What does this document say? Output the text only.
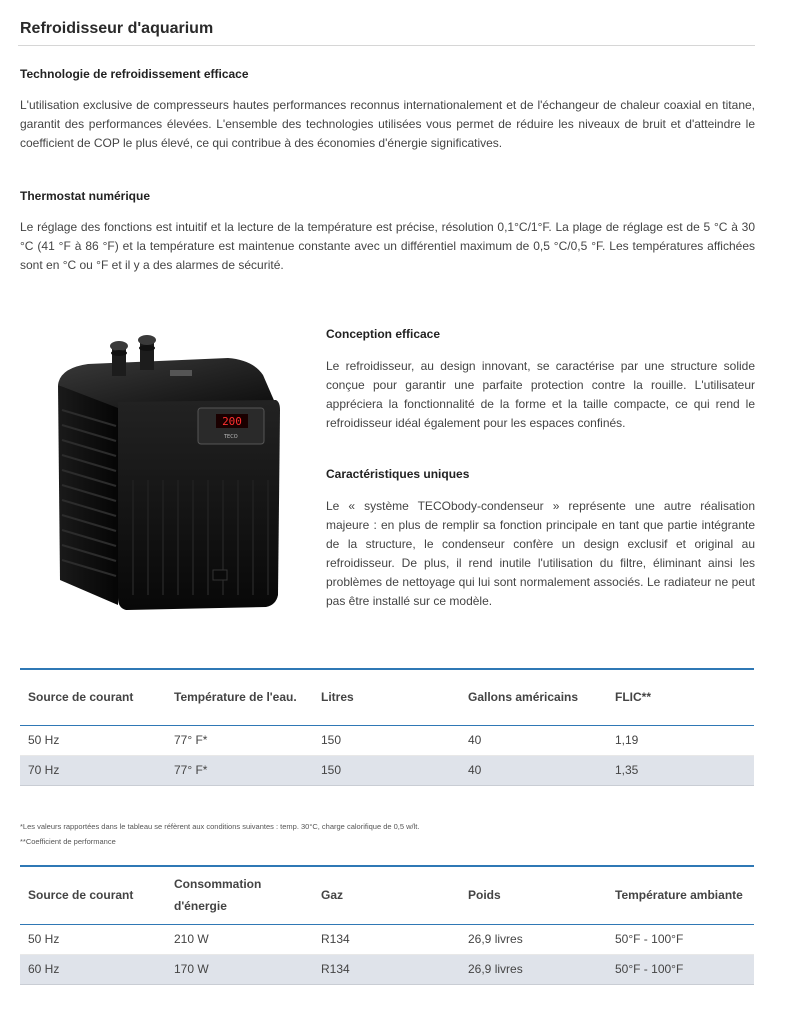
Refroidisseur d'aquarium
Technologie de refroidissement efficace

L'utilisation exclusive de compresseurs hautes performances reconnus internationalement et de l'échangeur de chaleur coaxial en titane, garantit des performances élevées. L'ensemble des technologies utilisées vous permet de réduire les niveaux de bruit et d'atteindre le coefficient de COP le plus élevé, ce qui contribue à des économies d'énergie significatives.

Thermostat numérique

Le réglage des fonctions est intuitif et la lecture de la température est précise, résolution 0,1°C/1°F. La plage de réglage est de 5 °C à 30 °C (41 °F à 86 °F) et la température est maintenue constante avec un différentiel maximum de 0,5 °C/0,5 °F. Les températures affichées sont en °C ou °F et il y a des alarmes de sécurité.

200
TECO
Conception efficace

Le refroidisseur, au design innovant, se caractérise par une structure solide conçue pour garantir une parfaite protection contre la rouille. L'utilisateur appréciera la fonctionnalité de la forme et la taille compacte, ce qui rend le refroidisseur idéal également pour les espaces confinés.

Caractéristiques uniques

Le « système TECObody-condenseur » représente une autre réalisation majeure : en plus de remplir sa fonction principale en tant que partie intégrante de la structure, le condenseur confère un design exclusif et original au refroidisseur. De plus, il rend inutile l'utilisation du filtre, éliminant ainsi les problèmes de nettoyage qui lui sont normalement associés. Le radiateur ne peut pas être installé sur ce modèle.

Source de courant	Température de l'eau.	Litres	Gallons américains	FLIC**
50 Hz	77° F*	150	40	1,19
70 Hz	77° F*	150	40	1,35
*Les valeurs rapportées dans le tableau se réfèrent aux conditions suivantes : temp. 30°C, charge calorifique de 0,5 w/lt.
**Coefficient de performance
Source de courant	Consommation d'énergie	Gaz	Poids	Température ambiante
50 Hz	210 W	R134	26,9 livres	50°F - 100°F
60 Hz	170 W	R134	26,9 livres	50°F - 100°F
